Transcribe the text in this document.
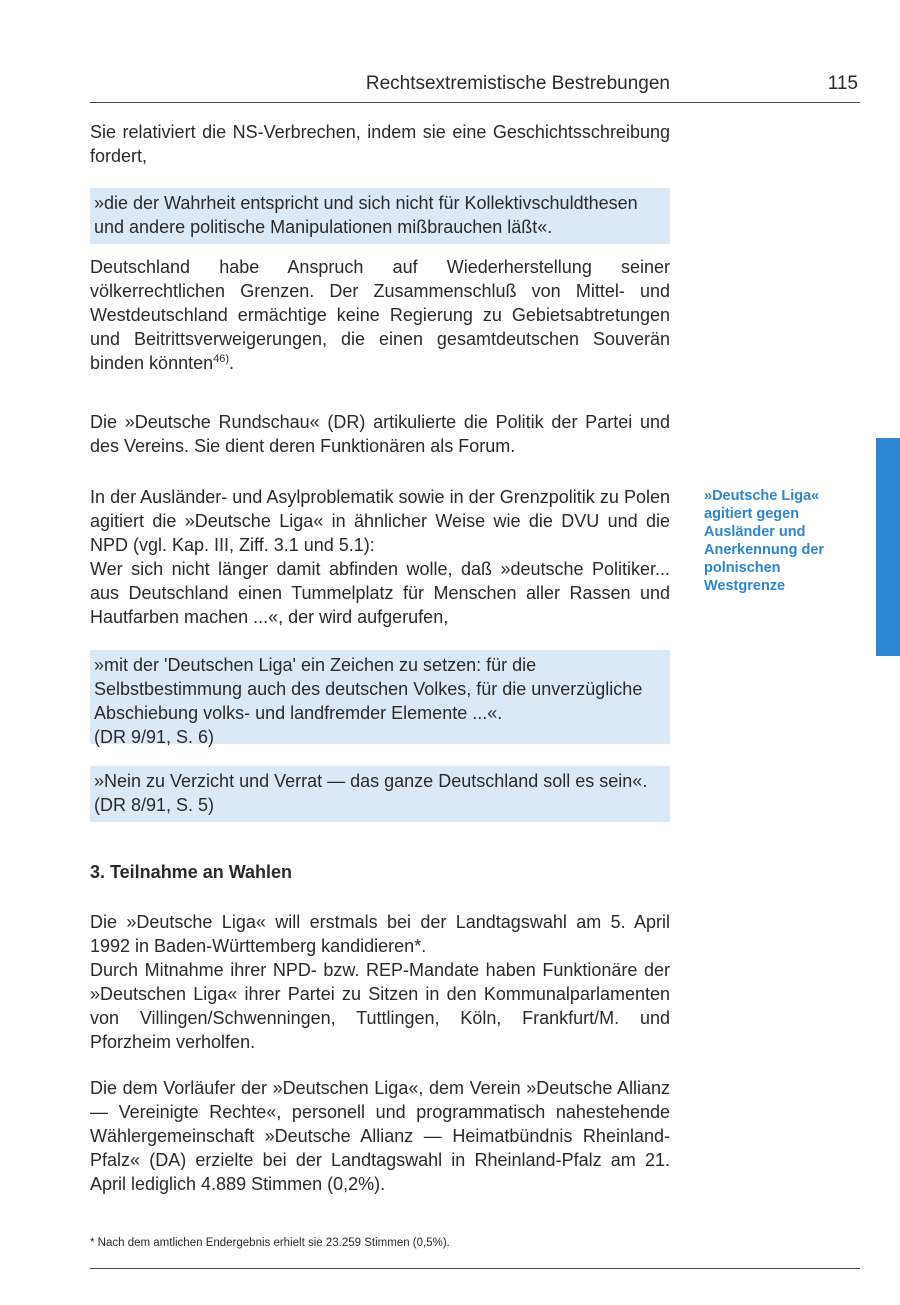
Rechtsextremistische Bestrebungen	115

Sie relativiert die NS-Verbrechen, indem sie eine Geschichtsschreibung fordert,

»die der Wahrheit entspricht und sich nicht für Kollektivschuldthesen und andere politische Manipulationen mißbrauchen läßt«.

Deutschland habe Anspruch auf Wiederherstellung seiner völkerrechtlichen Grenzen. Der Zusammenschluß von Mittel- und Westdeutschland ermächtige keine Regierung zu Gebietsabtretungen und Beitrittsverweigerungen, die einen gesamtdeutschen Souverän binden könnten$^{46)}$.

Die »Deutsche Rundschau« (DR) artikulierte die Politik der Partei und des Vereins. Sie dient deren Funktionären als Forum.

In der Ausländer- und Asylproblematik sowie in der Grenzpolitik zu Polen agitiert die »Deutsche Liga« in ähnlicher Weise wie die DVU und die NPD (vgl. Kap. III, Ziff. 3.1 und 5.1):

Wer sich nicht länger damit abfinden wolle, daß »deutsche Politiker... aus Deutschland einen Tummelplatz für Menschen aller Rassen und Hautfarben machen ...«, der wird aufgerufen,

»Deutsche Liga« agitiert gegen Ausländer und Anerkennung der polnischen Westgrenze
»mit der 'Deutschen Liga' ein Zeichen zu setzen: für die Selbstbestimmung auch des deutschen Volkes, für die unverzügliche Abschiebung volks- und landfremder Elemente ...«.
(DR 9/91, S. 6)
»Nein zu Verzicht und Verrat — das ganze Deutschland soll es sein«.
(DR 8/91, S. 5)
3. Teilnahme an Wahlen

Die »Deutsche Liga« will erstmals bei der Landtagswahl am 5. April 1992 in Baden-Württemberg kandidieren*.

Durch Mitnahme ihrer NPD- bzw. REP-Mandate haben Funktionäre der »Deutschen Liga« ihrer Partei zu Sitzen in den Kommunalparlamenten von Villingen/Schwenningen, Tuttlingen, Köln, Frankfurt/M. und Pforzheim verholfen.

Die dem Vorläufer der »Deutschen Liga«, dem Verein »Deutsche Allianz — Vereinigte Rechte«, personell und programmatisch nahestehende Wählergemeinschaft »Deutsche Allianz — Heimatbündnis Rheinland-Pfalz« (DA) erzielte bei der Landtagswahl in Rheinland-Pfalz am 21. April lediglich 4.889 Stimmen (0,2%).

* Nach dem amtlichen Endergebnis erhielt sie 23.259 Stimmen (0,5%).
